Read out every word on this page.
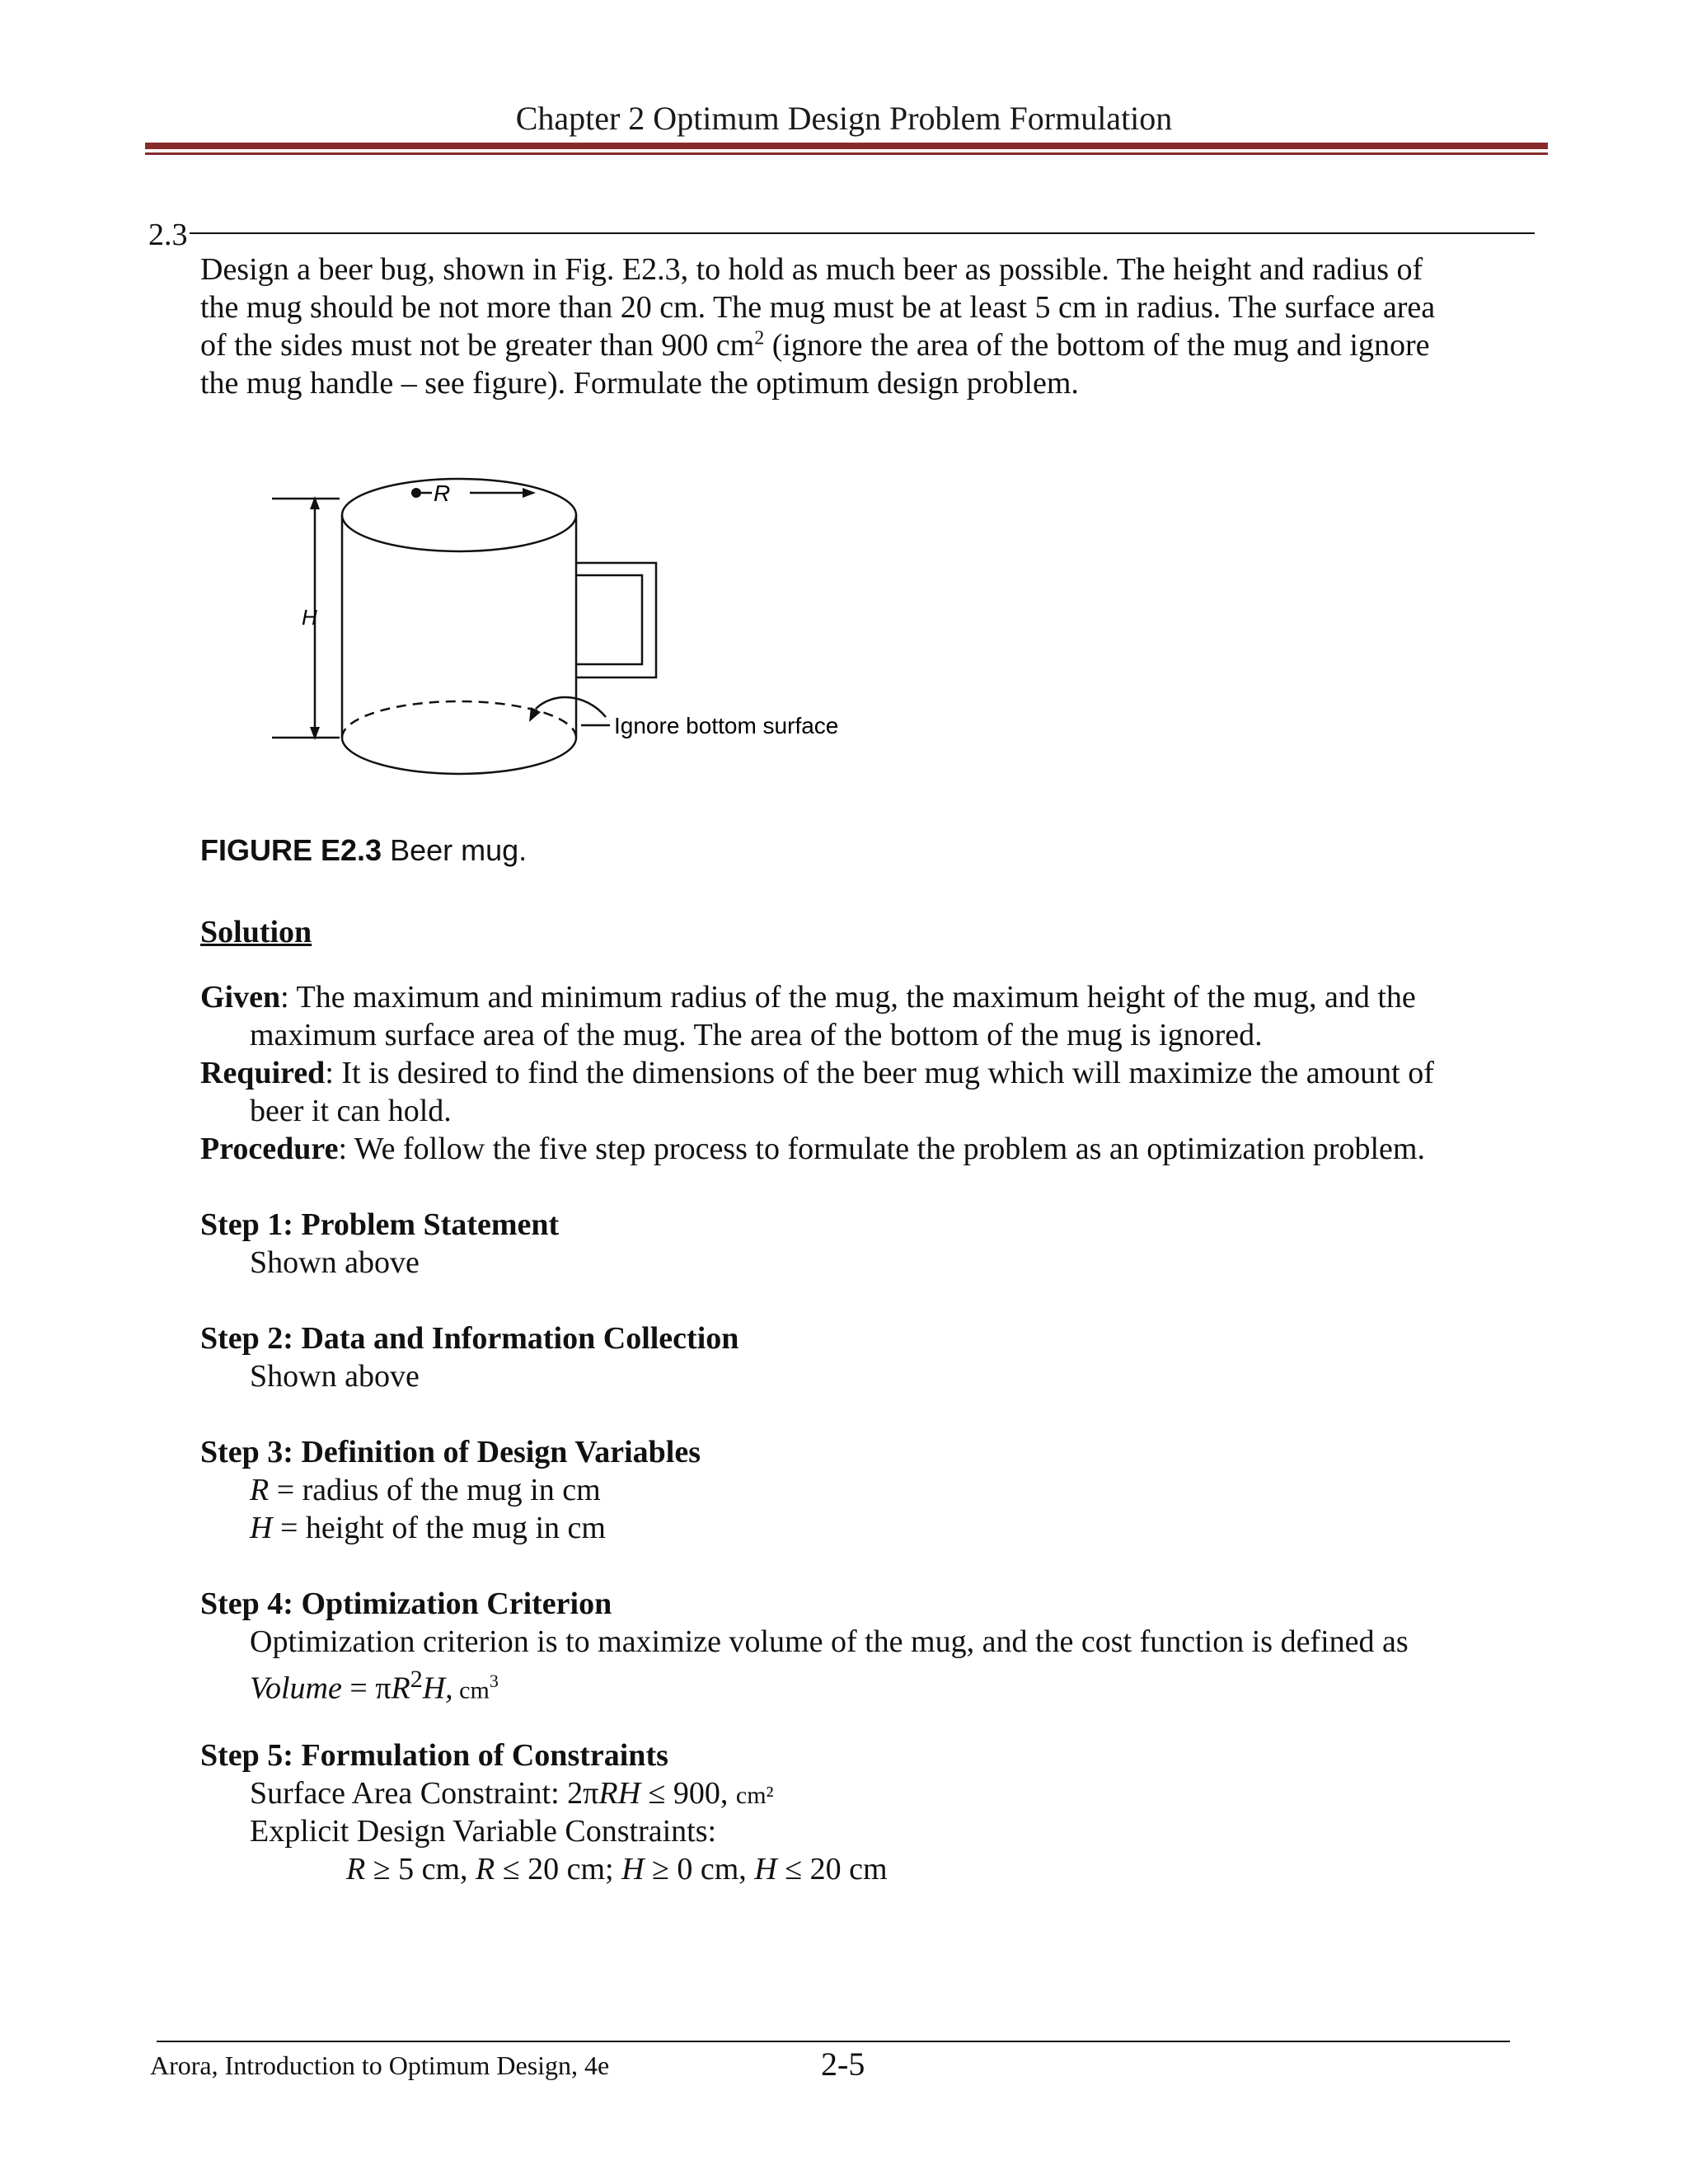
Chapter 2 Optimum Design Problem Formulation
2.3
Design a beer bug, shown in Fig. E2.3, to hold as much beer as possible. The height and radius of
the mug should be not more than 20 cm. The mug must be at least 5 cm in radius. The surface area
of the sides must not be greater than 900 $cm^2$ (ignore the area of the bottom of the mug and ignore
the mug handle – see figure). Formulate the optimum design problem.
R
H
Ignore bottom surface
FIGURE E2.3 Beer mug.
Solution
Given: The maximum and minimum radius of the mug, the maximum height of the mug, and the
maximum surface area of the mug. The area of the bottom of the mug is ignored.
Required: It is desired to find the dimensions of the beer mug which will maximize the amount of
beer it can hold.
Procedure: We follow the five step process to formulate the problem as an optimization problem.
Step 1: Problem Statement
Shown above
Step 2: Data and Information Collection
Shown above
Step 3: Definition of Design Variables
R = radius of the mug in cm
H = height of the mug in cm
Step 4: Optimization Criterion
Optimization criterion is to maximize volume of the mug, and the cost function is defined as
Volume = $\pi R^2H$, $cm^3$
Step 5: Formulation of Constraints
Surface Area Constraint: 2πRH ≤ 900, cm²
Explicit Design Variable Constraints:
R ≥ 5 cm, R ≤ 20 cm; H ≥ 0 cm, H ≤ 20 cm
Arora, Introduction to Optimum Design, 4e	2-5
